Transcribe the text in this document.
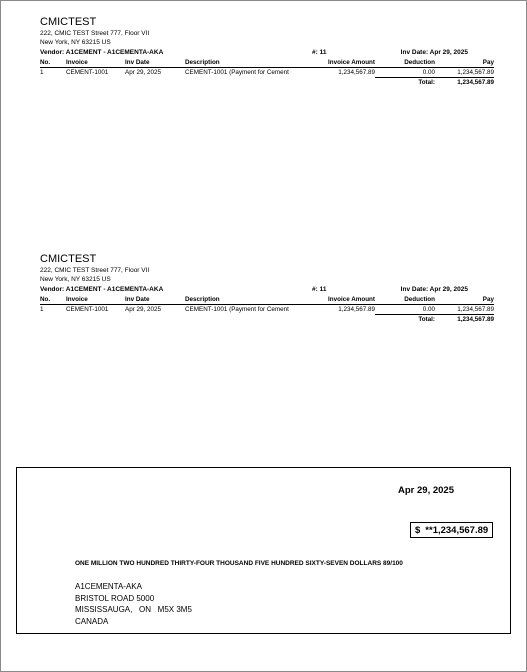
CMICTEST
222, CMIC TEST Street 777, Floor VII
New York, NY 63215 US
Vendor: A1CEMENT - A1CEMENTA-AKA	#: 11	Inv Date: Apr 29, 2025
No.	Invoice	Inv Date	Description	Invoice Amount	Deduction	Pay
1	CEMENT-1001	Apr 29, 2025	CEMENT-1001 (Payment for Cement	1,234,567.89	0.00	1,234,567.89
					Total:	1,234,567.89
CMICTEST
222, CMIC TEST Street 777, Floor VII
New York, NY 63215 US
Vendor: A1CEMENT - A1CEMENTA-AKA	#: 11	Inv Date: Apr 29, 2025
No.	Invoice	Inv Date	Description	Invoice Amount	Deduction	Pay
1	CEMENT-1001	Apr 29, 2025	CEMENT-1001 (Payment for Cement	1,234,567.89	0.00	1,234,567.89
					Total:	1,234,567.89
Apr 29, 2025
$ **1,234,567.89
ONE MILLION TWO HUNDRED THIRTY-FOUR THOUSAND FIVE HUNDRED SIXTY-SEVEN DOLLARS 89/100
A1CEMENTA-AKA
BRISTOL ROAD 5000
MISSISSAUGA,   ON   M5X 3M5
CANADA
